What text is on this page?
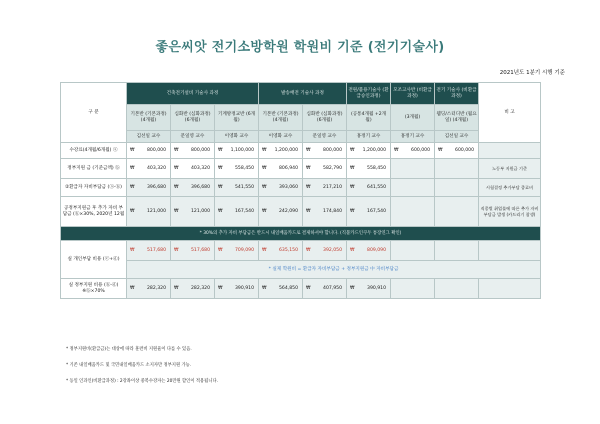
좋은씨앗 전기소방학원 학원비 기준 (전기기술사)
2021년도 1분기 시행 기준
구 분	건축전기설비 기술사 과정			발송배전 기술사 과정		전원/불용기술사 (환급승인과정)	모조고사반 (비환급과정)	전기 기술사 (비환급과정)	비 고
	기본반 (기본과정) (4개월)	심화반 (심화과정) (6개월)	기계방정교반 (6개월)	기본반 (기본과정) (4개월)	심화반 (심화과정) (6개월)	(공통4개월 +2개월)	(3개월)	웹딩/스터디반 (월요일) (4개월)	
	김선일 교수	문일영 교수	이영화 교수	이영화 교수	문일영 교수	홍정기 교수	홍정기 교수	김선일 교수	
수강료(4개월/6개월) ⓐ	₩ 800,000	₩ 800,000	₩ 1,100,000	₩ 1,200,000	₩ 800,000	₩ 1,200,000	₩ 600,000	₩ 600,000	

정부지원 금 (기준금액) ⓑ	₩ 403,320	₩ 403,320	₩ 558,450	₩ 806,940	₩ 582,790	₩ 558,450			노동부 지원금 기준
②환급자 자비부담금 (ⓐ-ⓑ)	₩ 396,680	₩ 396,680	₩ 541,550	₩ 393,060	₩ 217,210	₩ 641,550			시험결정 추가부담 종료비
공정부지원금 후 추가 자비 부담금 (ⓑ×30%, 2020년 12월	₩ 121,000	₩ 121,000	₩ 167,540	₩ 242,090	₩ 174,840	₩ 167,540			직종별 취업률에 따른 추가 자비 부담금 발생 (카드리기 참생)
* 30%의 추가 자비 부담금은 반드시 내일배움카드로 결제하셔야 합니다. (직불카드인쿠두 통장연그 확인)									
실 개인부담 비용 (ⓒ+ⓓ)	₩ 517,680	₩ 517,680	₩ 709,090	₩ 635,150	₩ 392,050	₩ 809,090			

	* 실제 학원비 = 환급자 자비부담금 + 정부지원금 中 자비부담금								
실 정부지원 비용 (ⓑ-ⓓ) ※ⓑ×70%	₩ 282,320	₩ 282,320	₩ 390,910	₩ 564,850	₩ 407,950	₩ 390,910			

* 정부지원비(환급금)는 대상에 따라 훈련비 지원율이 다를 수 있음.
* 기존 내일배움카드 및 국민내일배움카드 소지자만 정부지원 가능.
* 동일 인과인(비환급과정) : 2강좌이상 중복수강자는 20만원 할인이 적용됩니다.
